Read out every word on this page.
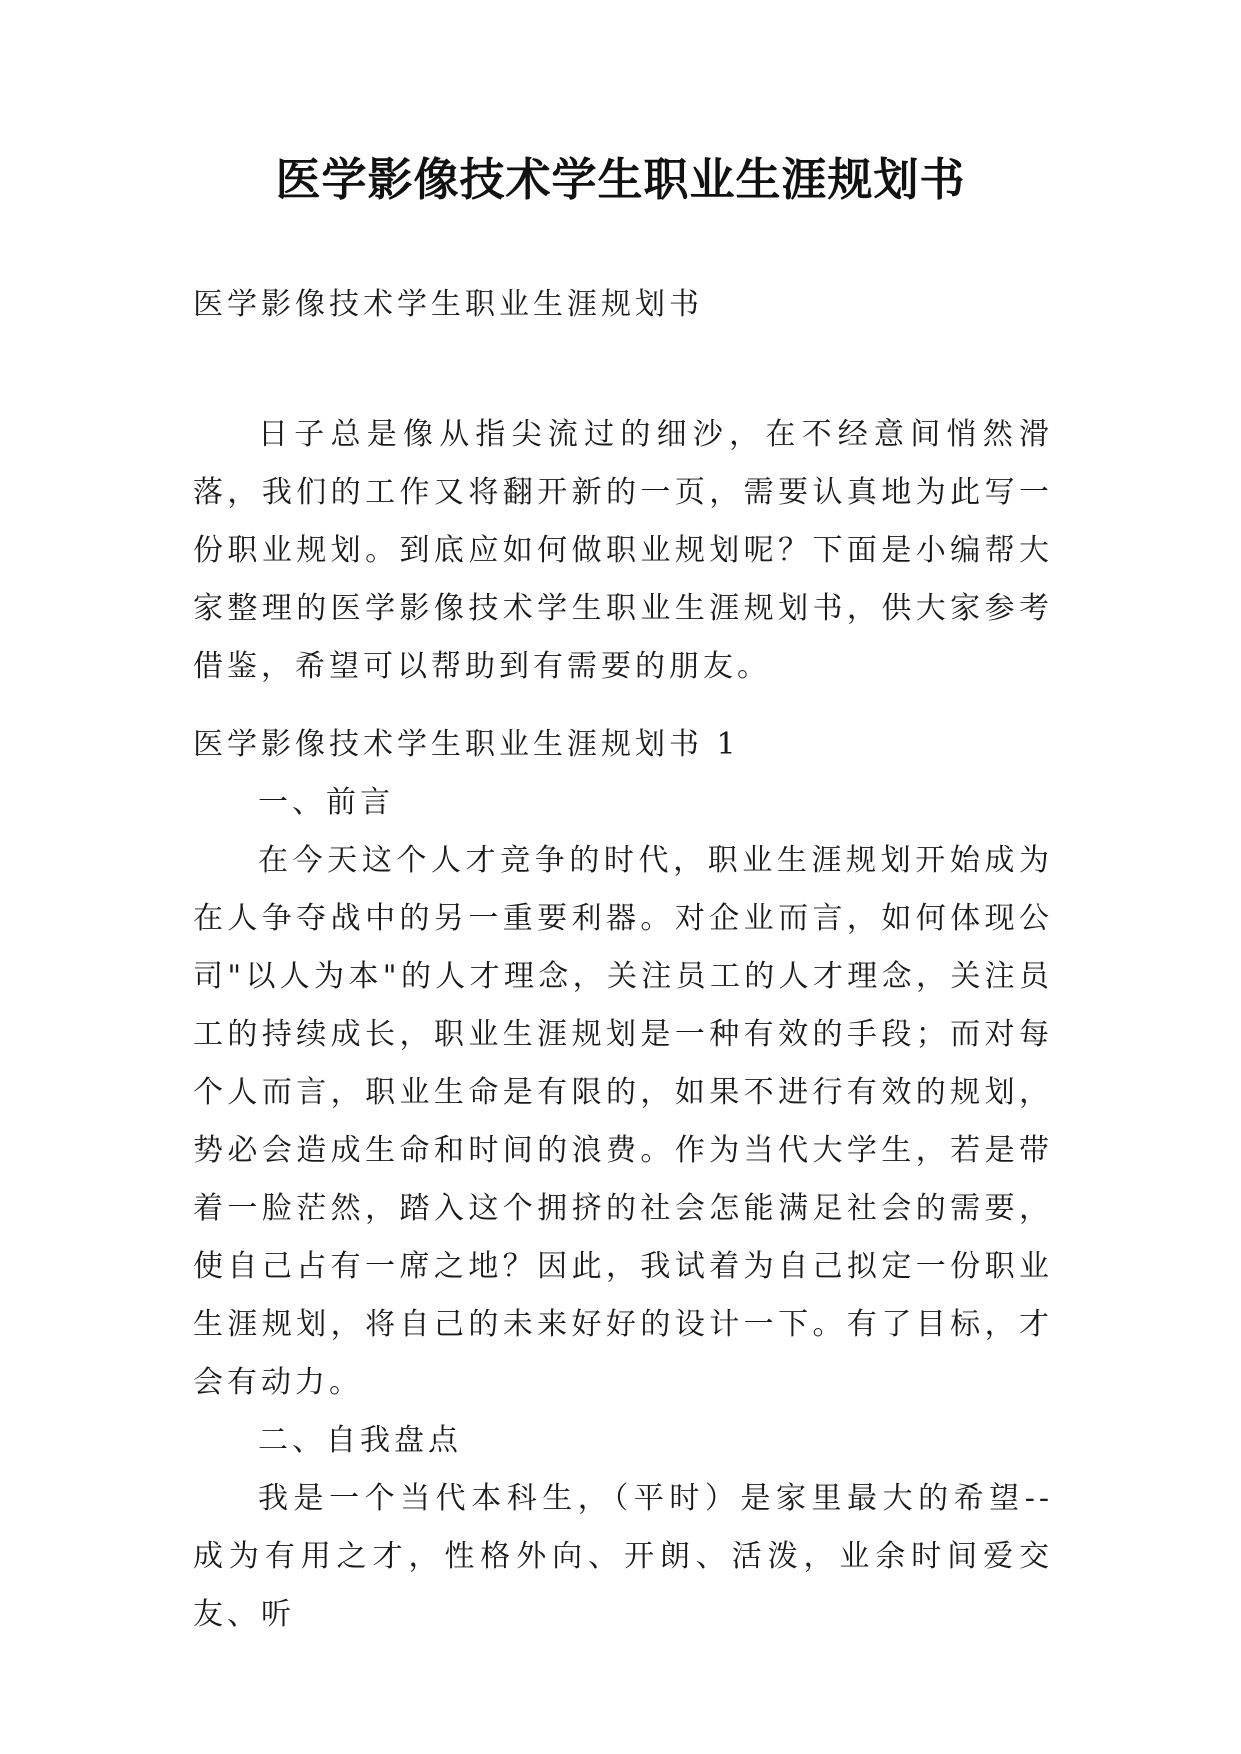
医学影像技术学生职业生涯规划书

医学影像技术学生职业生涯规划书

日子总是像从指尖流过的细沙，在不经意间悄然滑落，我们的工作又将翻开新的一页，需要认真地为此写一份职业规划。到底应如何做职业规划呢？下面是小编帮大家整理的医学影像技术学生职业生涯规划书，供大家参考借鉴，希望可以帮助到有需要的朋友。

医学影像技术学生职业生涯规划书 1

一、前言

在今天这个人才竞争的时代，职业生涯规划开始成为在人争夺战中的另一重要利器。对企业而言，如何体现公司"以人为本"的人才理念，关注员工的人才理念，关注员工的持续成长，职业生涯规划是一种有效的手段；而对每个人而言，职业生命是有限的，如果不进行有效的规划，势必会造成生命和时间的浪费。作为当代大学生，若是带着一脸茫然，踏入这个拥挤的社会怎能满足社会的需要，使自己占有一席之地？因此，我试着为自己拟定一份职业生涯规划，将自己的未来好好的设计一下。有了目标，才会有动力。

二、自我盘点

我是一个当代本科生，（平时）是家里最大的希望--成为有用之才，性格外向、开朗、活泼，业余时间爱交友、听
